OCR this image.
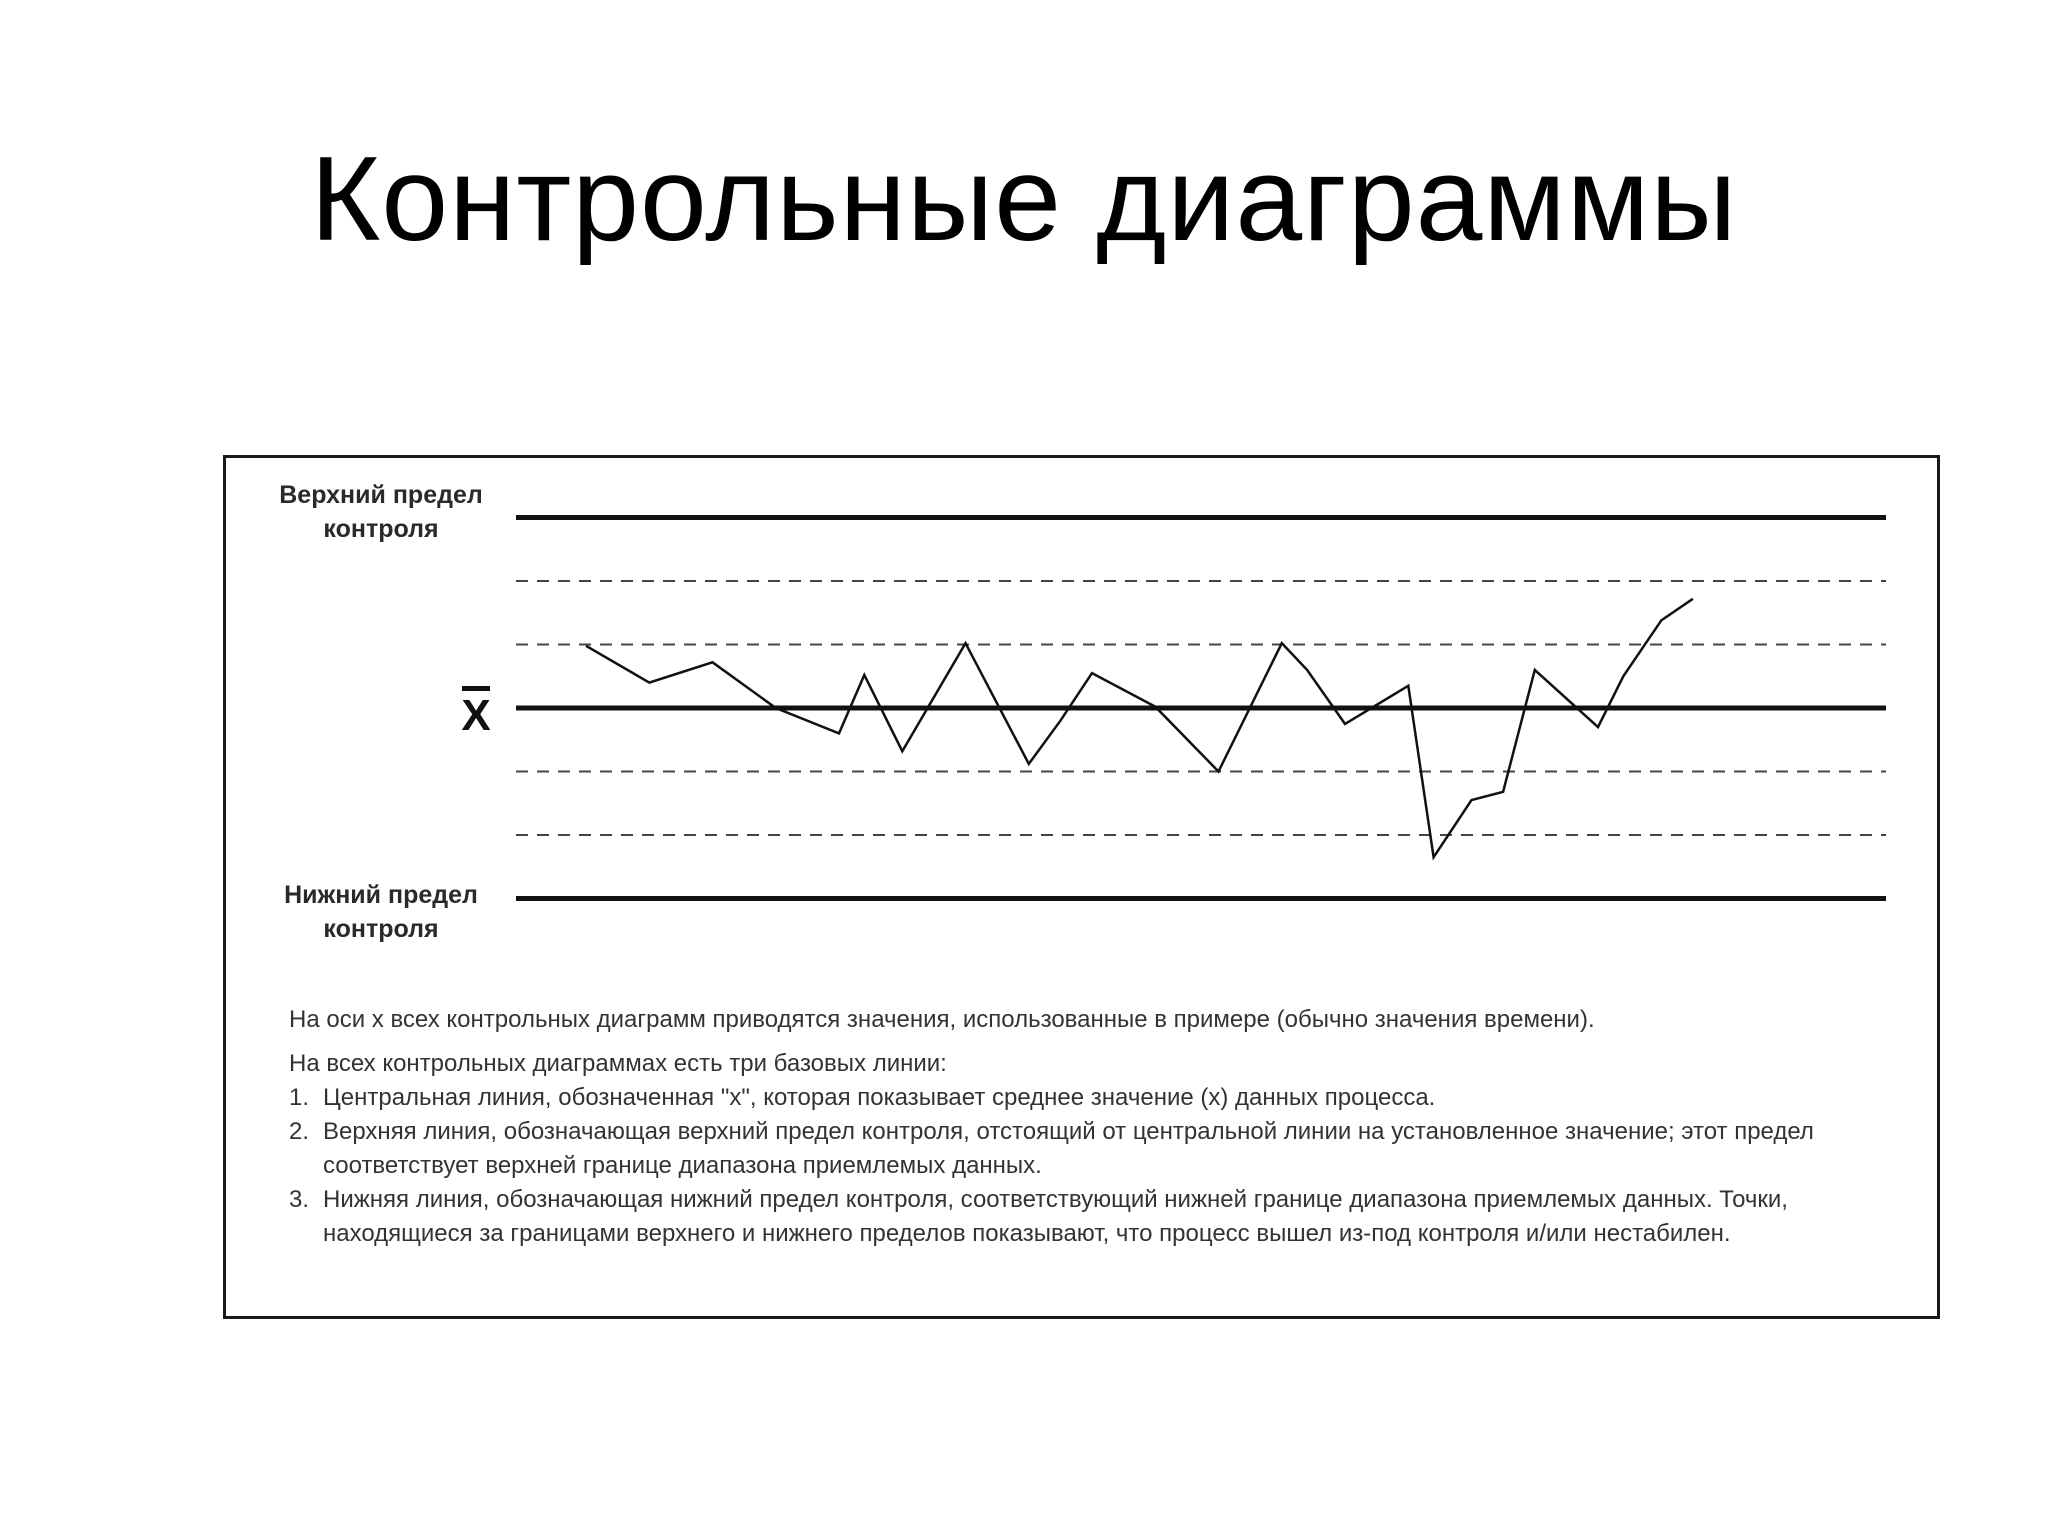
Контрольные диаграммы
Верхний предел
контроля
X
Нижний предел
контроля

На оси x всех контрольных диаграмм приводятся значения, использованные в примере (обычно значения времени).

На всех контрольных диаграммах есть три базовых линии:
1. Центральная линия, обозначенная "x", которая показывает среднее значение (x) данных процесса.
2. Верхняя линия, обозначающая верхний предел контроля, отстоящий от центральной линии на установленное значение; этот предел соответствует верхней границе диапазона приемлемых данных.
3. Нижняя линия, обозначающая нижний предел контроля, соответствующий нижней границе диапазона приемлемых данных. Точки, находящиеся за границами верхнего и нижнего пределов показывают, что процесс вышел из-под контроля и/или нестабилен.
